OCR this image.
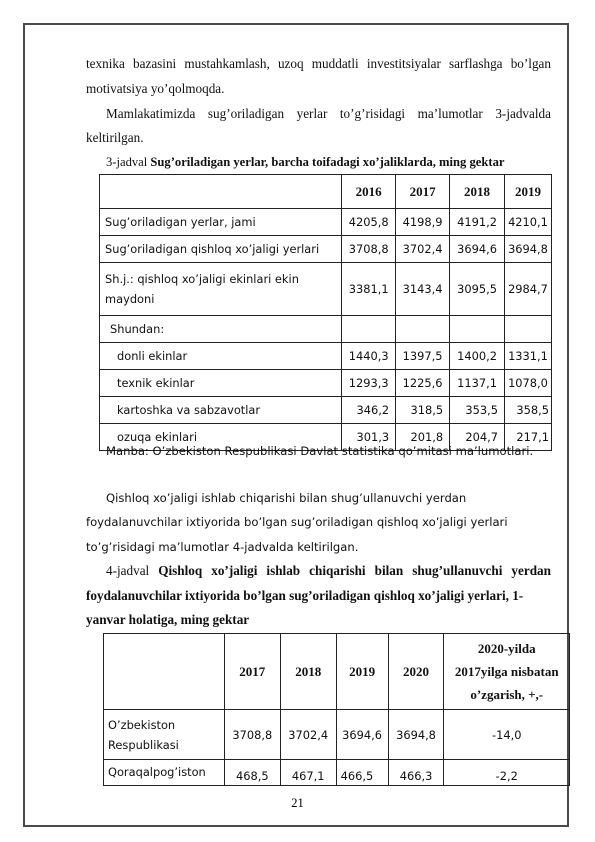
texnika bazasini mustahkamlash, uzoq muddatli investitsiyalar sarflashga bo’lgan
motivatsiya yo’qolmoqda.
Mamlakatimizda sug’oriladigan yerlar to’g’risidagi ma’lumotlar 3-jadvalda
keltirilgan.
3-jadval Sug’oriladigan yerlar, barcha toifadagi xo’jaliklarda, ming gektar
	2016	2017	2018	2019
Sug’oriladigan yerlar, jami	4205,8	4198,9	4191,2	4210,1
Sug’oriladigan qishloq xo’jaligi yerlari	3708,8	3702,4	3694,6	3694,8
Sh.j.: qishloq xo’jaligi ekinlari ekin
maydoni	3381,1	3143,4	3095,5	2984,7
Shundan:				
donli ekinlar	1440,3	1397,5	1400,2	1331,1
texnik ekinlar	1293,3	1225,6	1137,1	1078,0
kartoshka va sabzavotlar	346,2	318,5	353,5	358,5
ozuqa ekinlari	301,3	201,8	204,7	217,1
Manba: O’zbekiston Respublikasi Davlat statistika qo’mitasi ma’lumotlari.
Qishloq xo’jaligi ishlab chiqarishi bilan shug’ullanuvchi yerdan
foydalanuvchilar ixtiyorida bo’lgan sug’oriladigan qishloq xo’jaligi yerlari
to’g’risidagi ma’lumotlar 4-jadvalda keltirilgan.
4-jadval Qishloq xo’jaligi ishlab chiqarishi bilan shug’ullanuvchi yerdan
foydalanuvchilar ixtiyorida bo’lgan sug’oriladigan qishloq xo’jaligi yerlari, 1-
yanvar holatiga, ming gektar
	2017	2018	2019	2020	2020-yilda
2017yilga nisbatan
o’zgarish, +,-
O’zbekiston
Respublikasi	3708,8	3702,4	3694,6	3694,8	-14,0
Qoraqalpog’iston	468,5	467,1	466,5	466,3	-2,2
21
